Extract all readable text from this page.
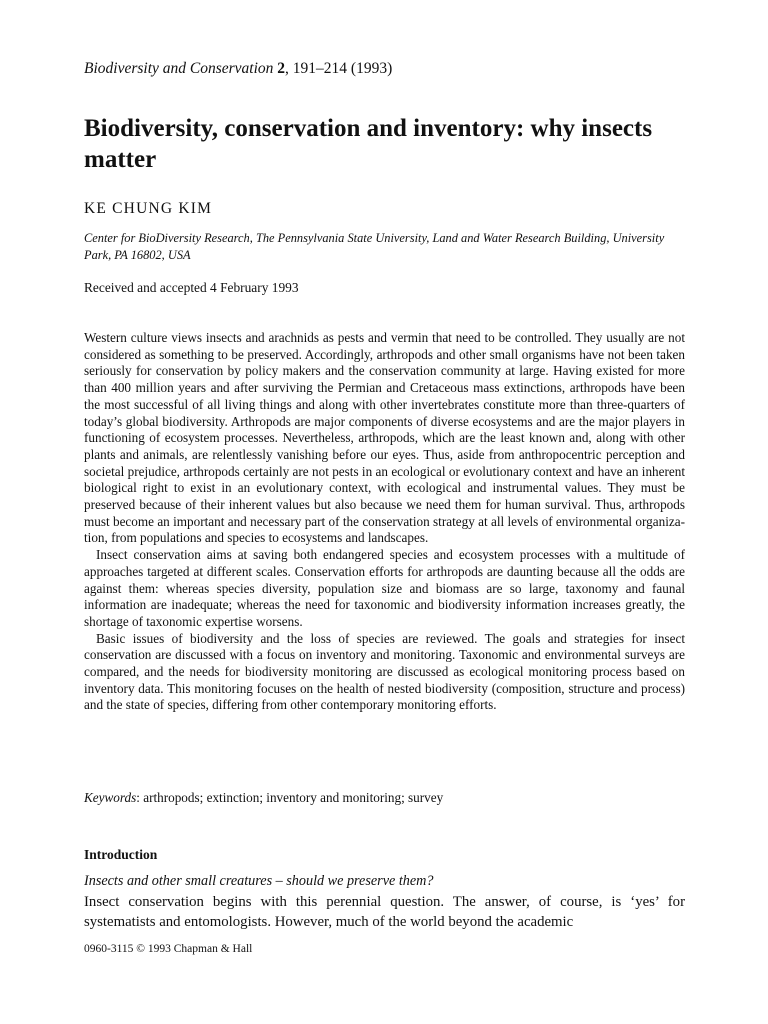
Biodiversity and Conservation 2, 191–214 (1993)
Biodiversity, conservation and inventory: why insects matter
KE CHUNG KIM
Center for BioDiversity Research, The Pennsylvania State University, Land and Water Research Building, University Park, PA 16802, USA
Received and accepted 4 February 1993

Western culture views insects and arachnids as pests and vermin that need to be controlled. They usually are not considered as something to be preserved. Accordingly, arthropods and other small organisms have not been taken seriously for conservation by policy makers and the conservation community at large. Having existed for more than 400 million years and after surviving the Permian and Cretaceous mass extinctions, arthropods have been the most successful of all living things and along with other invertebrates constitute more than three-quarters of today’s global biodiversity. Arthropods are major components of diverse ecosystems and are the major players in functioning of ecosystem processes. Nevertheless, arthropods, which are the least known and, along with other plants and animals, are relentlessly vanishing before our eyes. Thus, aside from anthropocentric perception and societal prejudice, arthropods certainly are not pests in an ecological or evolutionary context and have an inherent biological right to exist in an evolutionary context, with ecological and instrumental values. They must be preserved because of their inherent values but also because we need them for human survival. Thus, arthropods must become an important and necessary part of the conservation strategy at all levels of environmental organization, from populations and species to ecosystems and landscapes.

Insect conservation aims at saving both endangered species and ecosystem processes with a multitude of approaches targeted at different scales. Conservation efforts for arthropods are daunting because all the odds are against them: whereas species diversity, population size and biomass are so large, taxonomy and faunal information are inadequate; whereas the need for taxonomic and biodiversity information increases greatly, the shortage of taxonomic expertise worsens.

Basic issues of biodiversity and the loss of species are reviewed. The goals and strategies for insect conservation are discussed with a focus on inventory and monitoring. Taxonomic and environmental surveys are compared, and the needs for biodiversity monitoring are discussed as ecological monitoring process based on inventory data. This monitoring focuses on the health of nested biodiversity (composition, structure and process) and the state of species, differing from other contemporary monitoring efforts.

Keywords: arthropods; extinction; inventory and monitoring; survey
Introduction
Insects and other small creatures – should we preserve them?

Insect conservation begins with this perennial question. The answer, of course, is ‘yes’ for systematists and entomologists. However, much of the world beyond the academic

0960-3115 © 1993 Chapman & Hall
